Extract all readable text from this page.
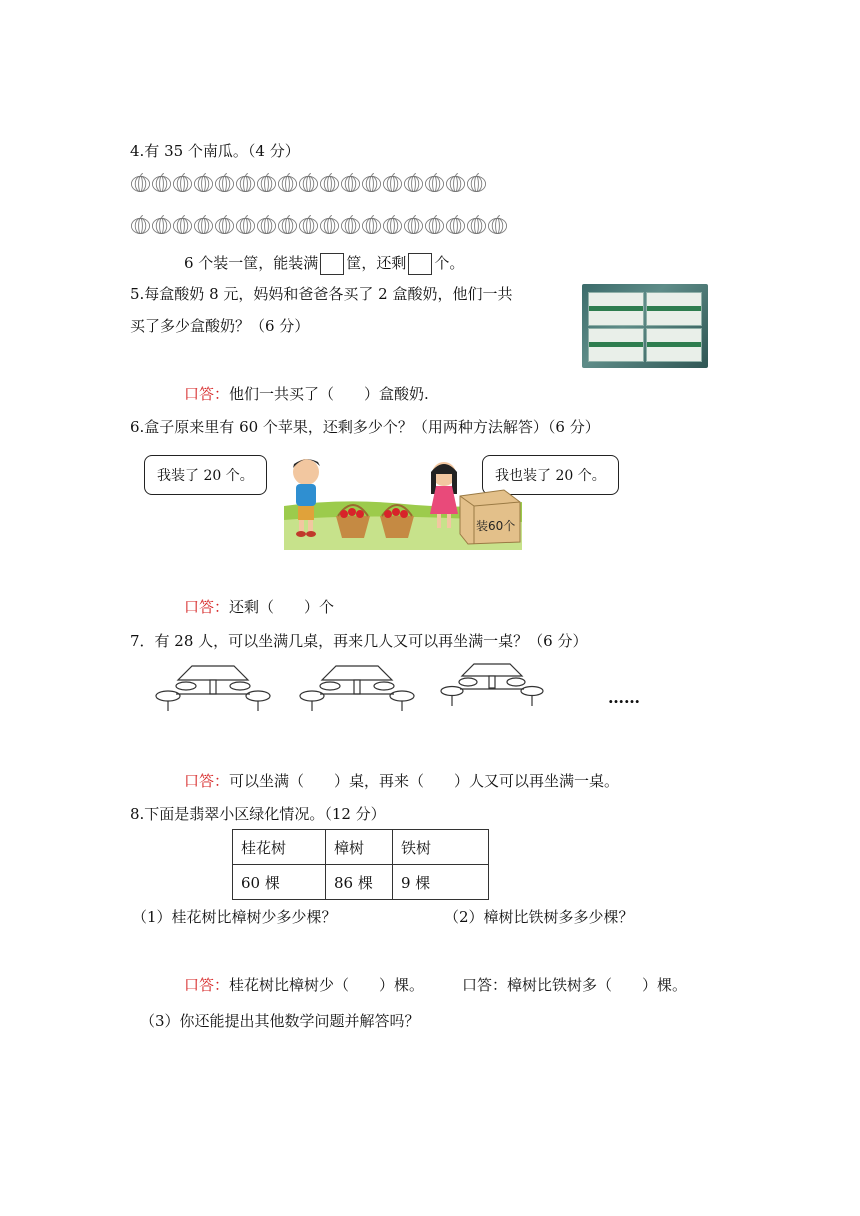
4.有 35 个南瓜。（4 分）
6 个装一筐，能装满 筐，还剩 个。
5.每盒酸奶 8 元，妈妈和爸爸各买了 2 盒酸奶，他们一共
买了多少盒酸奶？（6 分）
口答：他们一共买了（　　）盒酸奶.
6.盒子原来里有 60 个苹果，还剩多少个？（用两种方法解答）（6 分）
我装了 20 个。	我也装了 20 个。
装60个
口答：还剩（　　）个
7．有 28 人，可以坐满几桌，再来几人又可以再坐满一桌？（6 分）
……
口答：可以坐满（　　）桌，再来（　　）人又可以再坐满一桌。
8.下面是翡翠小区绿化情况。（12 分）
桂花树	樟树	铁树
60 棵	86 棵	9 棵
（1）桂花树比樟树少多少棵？	（2）樟树比铁树多多少棵？
口答：桂花树比樟树少（　　）棵。	口答：樟树比铁树多（　　）棵。
（3）你还能提出其他数学问题并解答吗？
